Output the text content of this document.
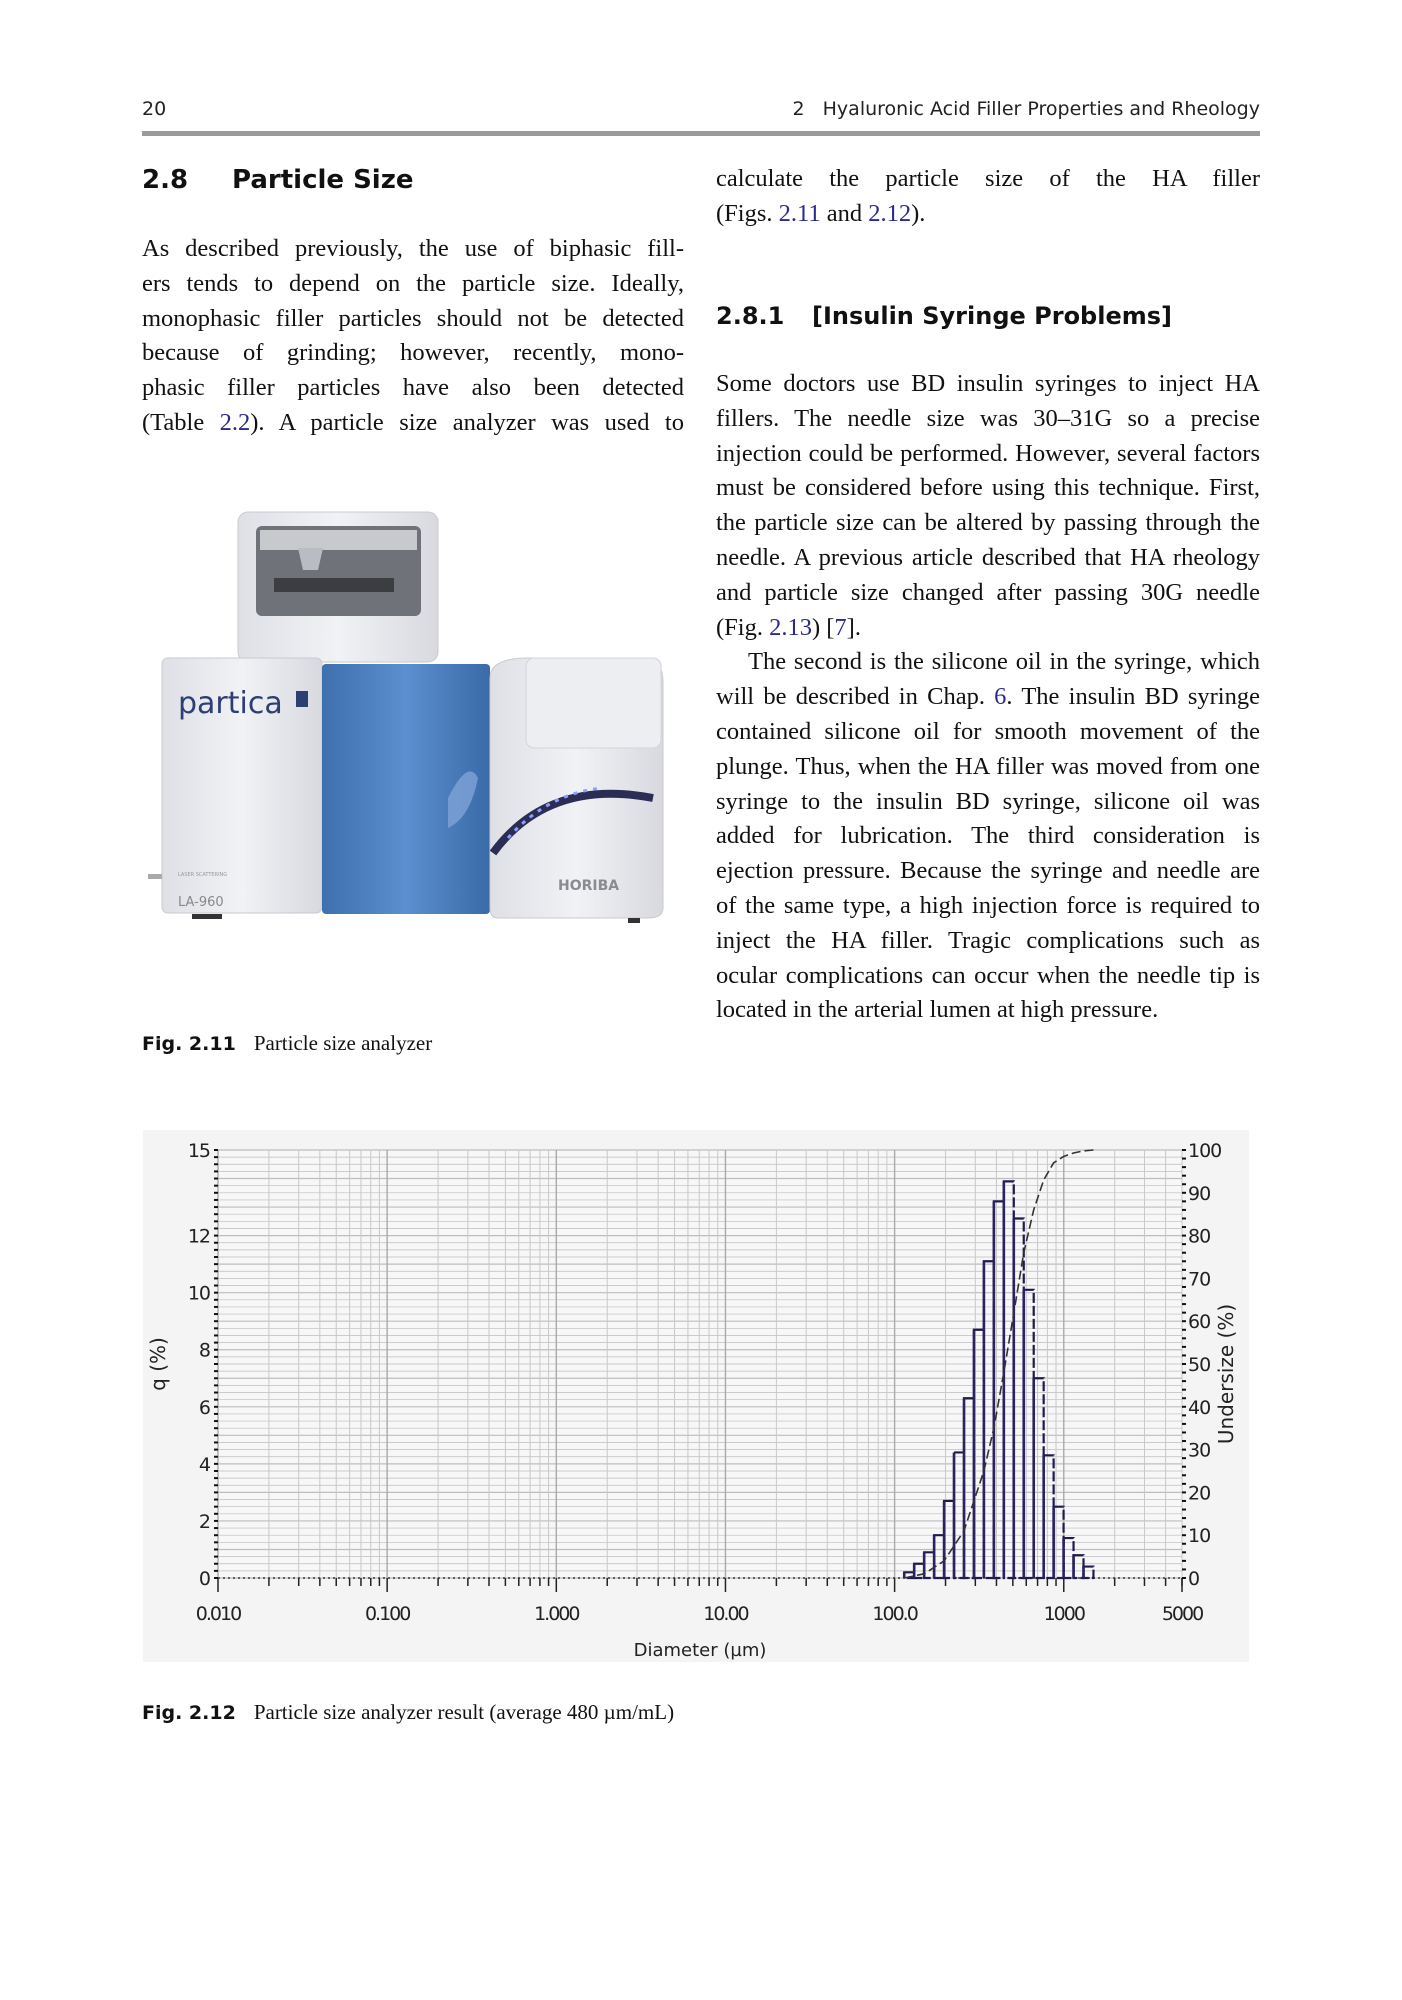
20	2   Hyaluronic Acid Filler Properties and Rheology
2.8 Particle Size
As described previously, the use of biphasic fill-
ers tends to depend on the particle size. Ideally,
monophasic filler particles should not be detected
because of grinding; however, recently, mono-
phasic filler particles have also been detected
(Table 2.2). A particle size analyzer was used to
calculate the particle size of the HA filler
(Figs. 2.11 and 2.12).
2.8.1 [Insulin Syringe Problems]

Some doctors use BD insulin syringes to inject HA fillers. The needle size was 30–31G so a precise injection could be performed. However, several factors must be considered before using this technique. First, the particle size can be altered by passing through the needle. A previous article described that HA rheology and particle size changed after passing 30G needle (Fig. 2.13) [7].

The second is the silicone oil in the syringe, which will be described in Chap. 6. The insulin BD syringe contained silicone oil for smooth movement of the plunge. Thus, when the HA filler was moved from one syringe to the insulin BD syringe, silicone oil was added for lubrication. The third consideration is ejection pressure. Because the syringe and needle are of the same type, a high injection force is required to inject the HA filler. Tragic complications such as ocular complications can occur when the needle tip is located in the arterial lumen at high pressure.

partica
LASER SCATTERING
LA-960
HORIBA
Fig. 2.11 Particle size analyzer
0
2
4
6
8
10
12
15
0
10
20
30
40
50
60
70
80
90
100
0.010	0.100	1.000	10.00	100.0	1000	5000
Diameter (µm)
q (%)	Undersize (%)
Fig. 2.12 Particle size analyzer result (average 480 µm/mL)
